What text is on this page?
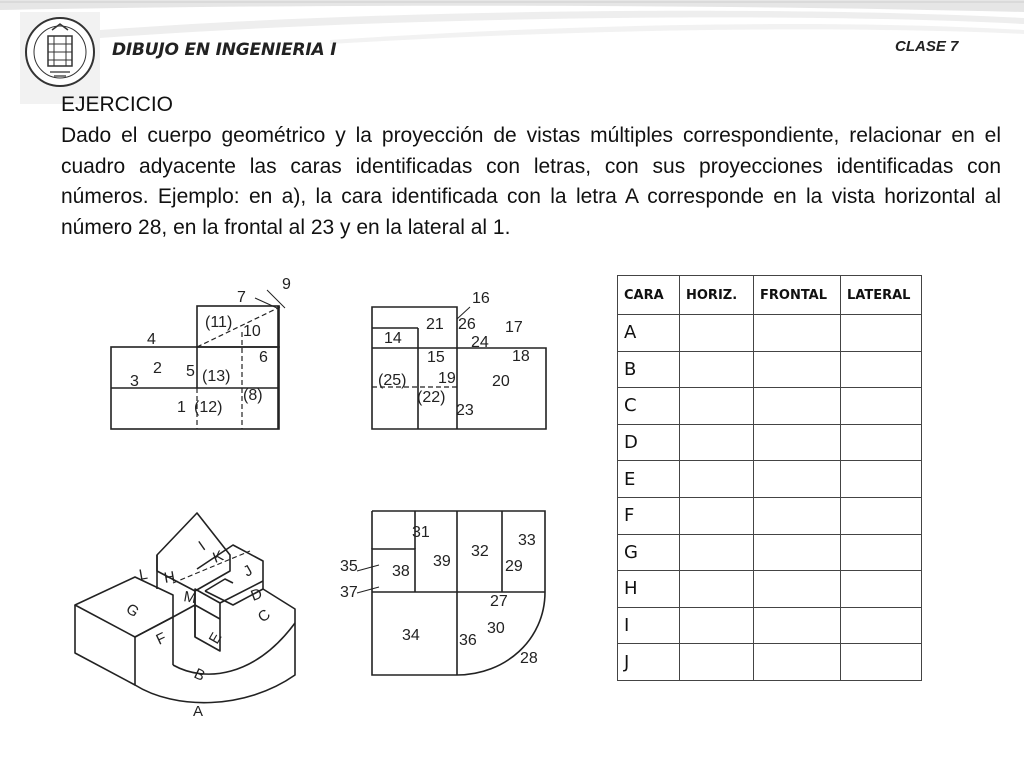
DIBUJO EN INGENIERIA I	CLASE 7
EJERCICIO
Dado el cuerpo geométrico y la proyección de vistas múltiples correspondiente, relacionar en el cuadro adyacente las caras identificadas con letras, con sus proyecciones identificadas con números. Ejemplo: en a), la cara identificada con la letra A corresponde en la vista horizontal al número 28, en la frontal al 23 y en la lateral al 1.
9
7
(11)
10
4
6
2 5 (13)
3
(8)
1 (12)
16
21 26 17
14	24
15	18
(25) 19 20
(22)
23
I
K
J
L H
M
G
D
F E
C
B
A
31
32
33
39
38	29
35
37
27
34	30
36
28
CARA	HORIZ.	FRONTAL	LATERAL
A			
B			
C			
D			
E			
F			
G			
H			
I			
J			
